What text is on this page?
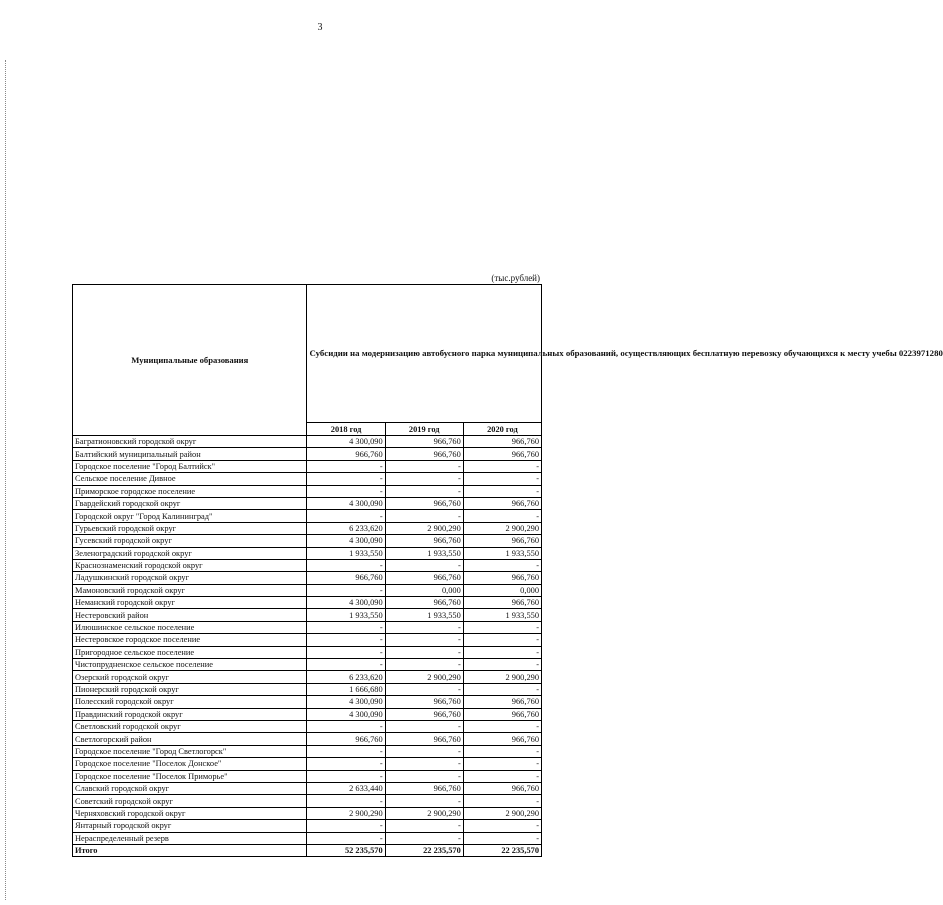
3
(тыс.рублей)
Муниципальные образования	Субсидии на модернизацию автобусного парка муниципальных образований, осуществляющих бесплатную перевозку обучающихся к месту учебы 0223971280		
	2018 год	2019 год	2020 год
Багратионовский городской округ	4 300,090	966,760	966,760
Балтийский муниципальный район	966,760	966,760	966,760
Городское поселение "Город Балтийск"	-	-	-
Сельское поселение Дивное	-	-	-
Приморское городское поселение	-	-	-
Гвардейский городской округ	4 300,090	966,760	966,760
Городской округ "Город Калининград"	-	-	-
Гурьевский городской округ	6 233,620	2 900,290	2 900,290
Гусевский городской округ	4 300,090	966,760	966,760
Зеленоградский городской округ	1 933,550	1 933,550	1 933,550
Краснознаменский городской округ	-	-	-
Ладушкинский городской округ	966,760	966,760	966,760
Мамоновский городской округ	-	0,000	0,000
Неманский городской округ	4 300,090	966,760	966,760
Нестеровский район	1 933,550	1 933,550	1 933,550
Илюшинское сельское поселение	-	-	-
Нестеровское городское поселение	-	-	-
Пригородное сельское поселение	-	-	-
Чистопрудненское сельское поселение	-	-	-
Озерский городской округ	6 233,620	2 900,290	2 900,290
Пионерский городской округ	1 666,680	-	-
Полесский городской округ	4 300,090	966,760	966,760
Правдинский городской округ	4 300,090	966,760	966,760
Светловский городской округ	-	-	-
Светлогорский район	966,760	966,760	966,760
Городское поселение "Город Светлогорск"	-	-	-
Городское поселение "Поселок Донское"	-	-	-
Городское поселение "Поселок Приморье"	-	-	-
Славский городской округ	2 633,440	966,760	966,760
Советский городской округ	-	-	-
Черняховский городской округ	2 900,290	2 900,290	2 900,290
Янтарный городской округ	-	-	-
Нераспределенный резерв	-	-	-
Итого	52 235,570	22 235,570	22 235,570
